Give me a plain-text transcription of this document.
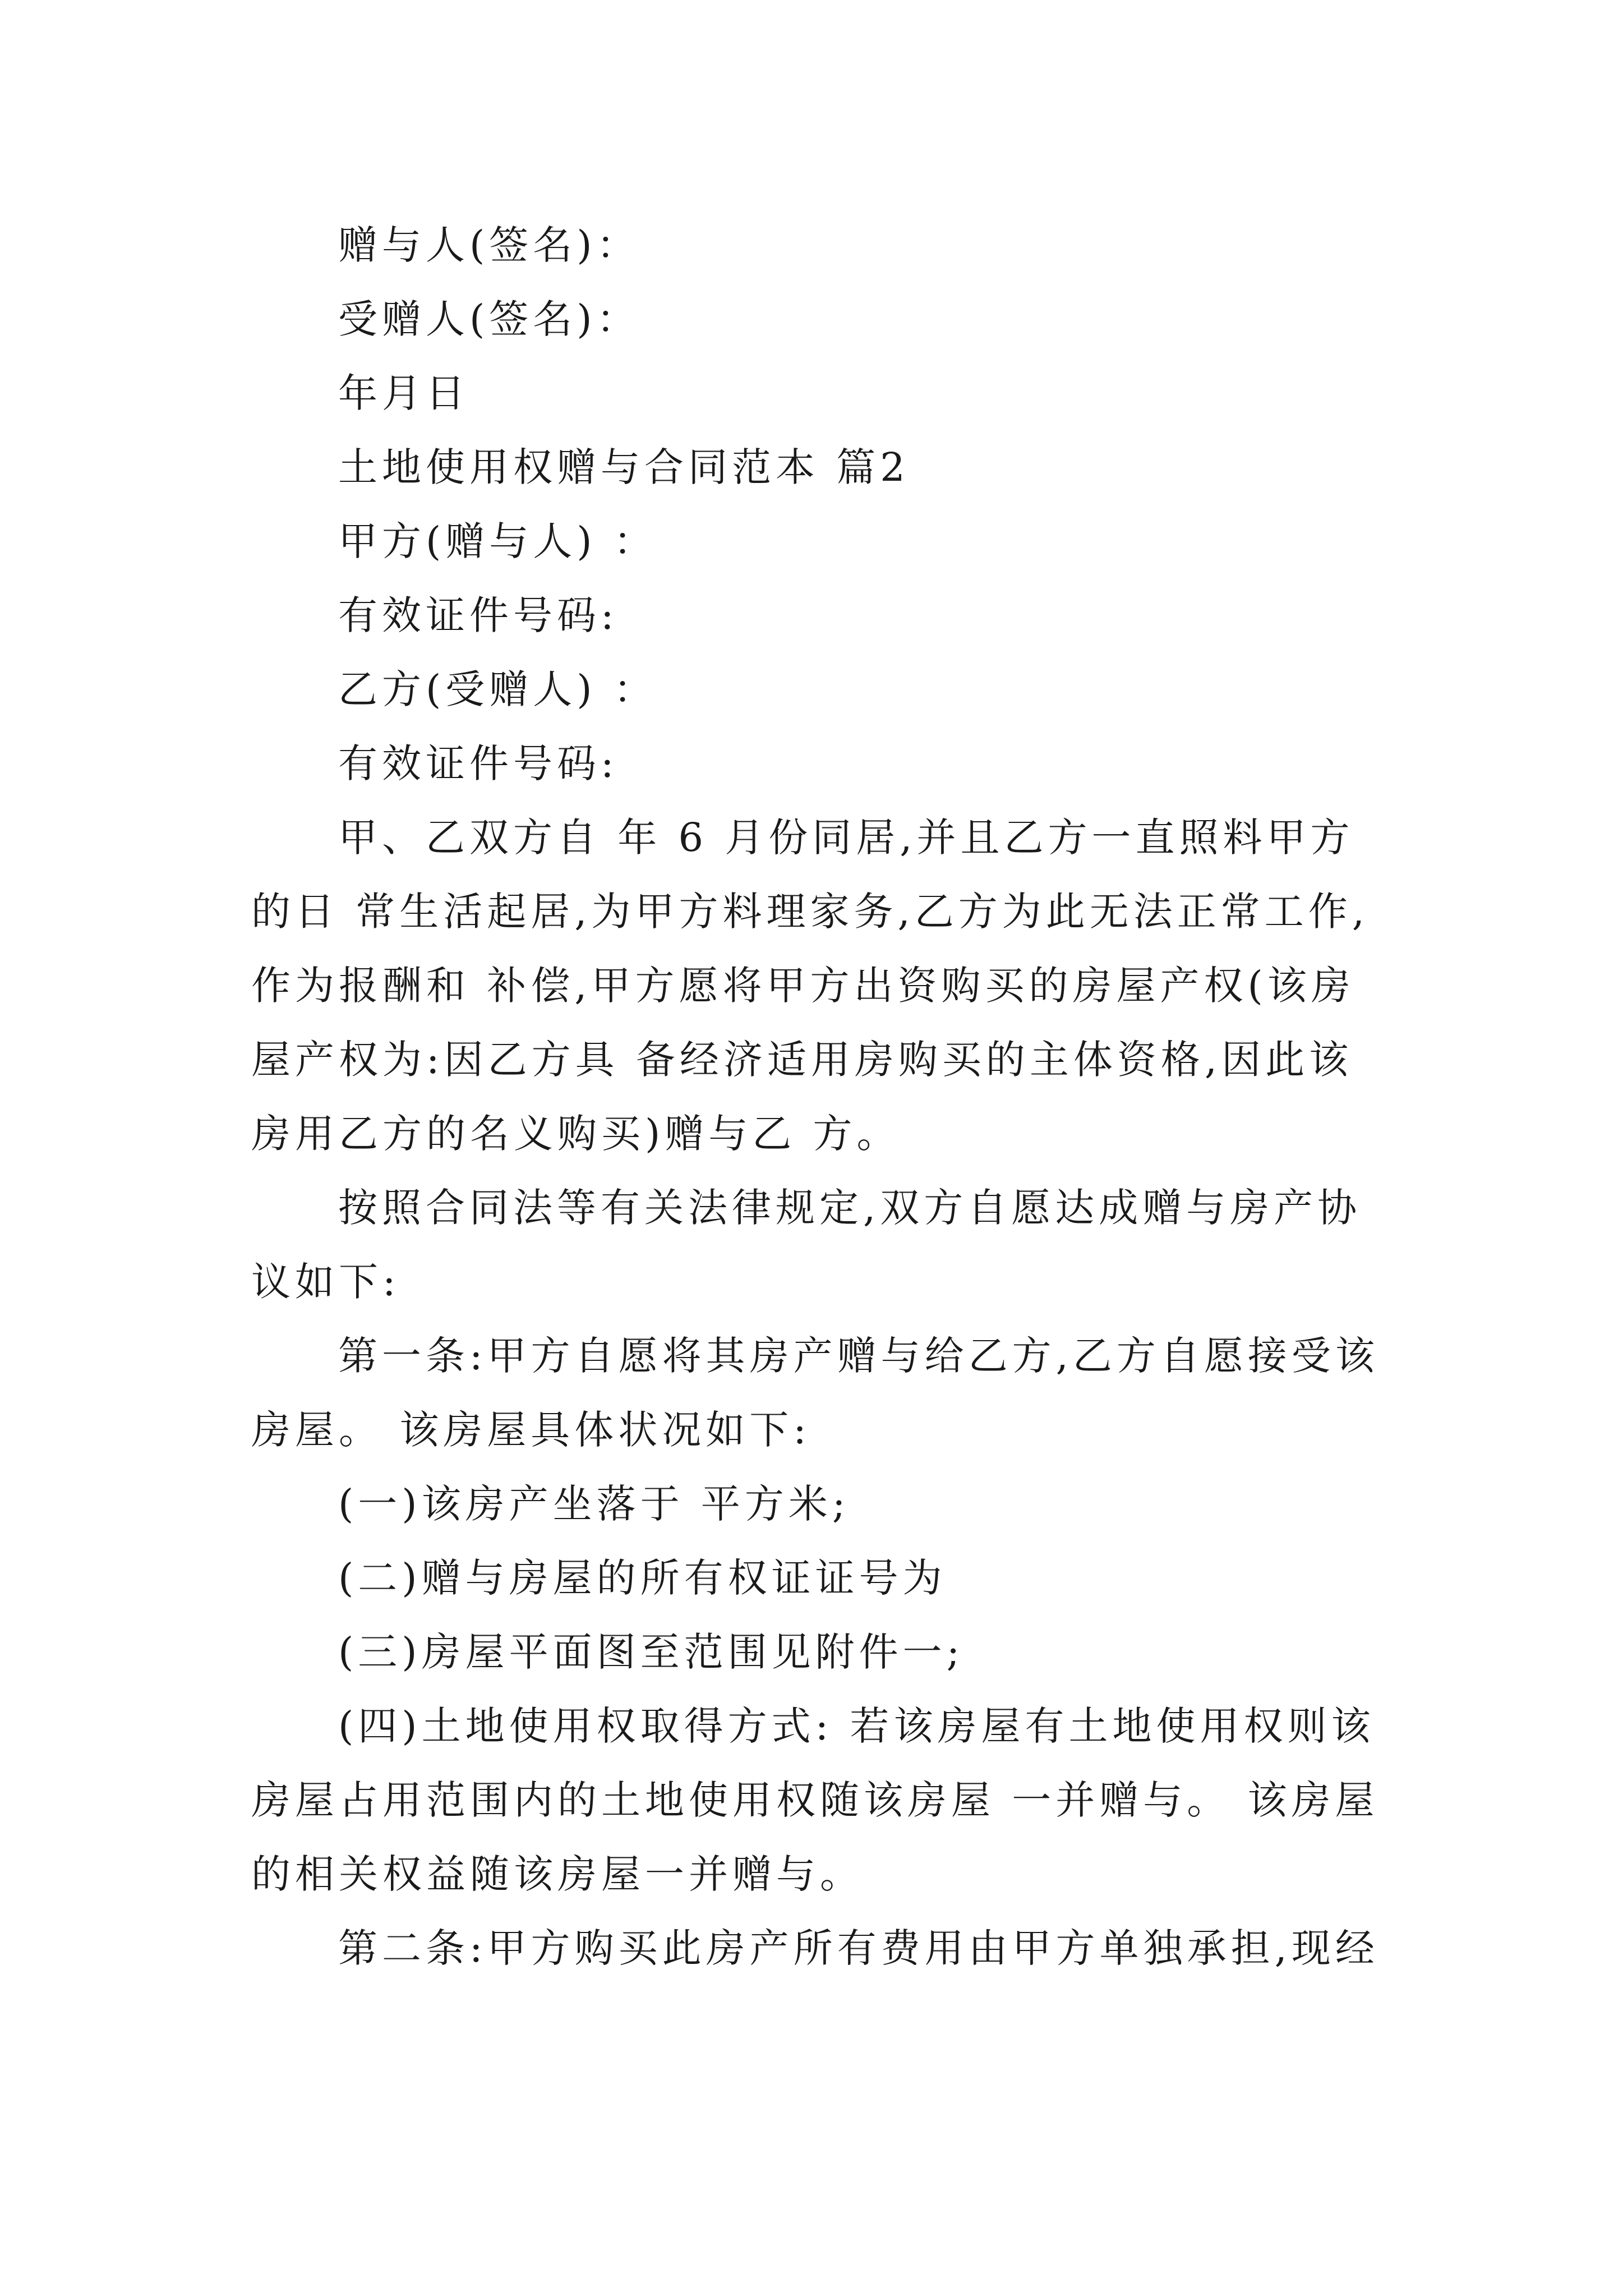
赠与人(签名)：
受赠人(签名)：
年月日
土地使用权赠与合同范本 篇2
甲方(赠与人) ：
有效证件号码:
乙方(受赠人) ：
有效证件号码:
甲、乙双方自 年 6 月份同居,并且乙方一直照料甲方
的日 常生活起居,为甲方料理家务,乙方为此无法正常工作,
作为报酬和 补偿,甲方愿将甲方出资购买的房屋产权(该房
屋产权为:因乙方具 备经济适用房购买的主体资格,因此该
房用乙方的名义购买)赠与乙 方。
按照合同法等有关法律规定,双方自愿达成赠与房产协
议如下:
第一条:甲方自愿将其房产赠与给乙方,乙方自愿接受该
房屋。 该房屋具体状况如下:
(一)该房产坐落于 平方米;
(二)赠与房屋的所有权证证号为
(三)房屋平面图至范围见附件一;
(四)土地使用权取得方式: 若该房屋有土地使用权则该
房屋占用范围内的土地使用权随该房屋 一并赠与。 该房屋
的相关权益随该房屋一并赠与。
第二条:甲方购买此房产所有费用由甲方单独承担,现经
